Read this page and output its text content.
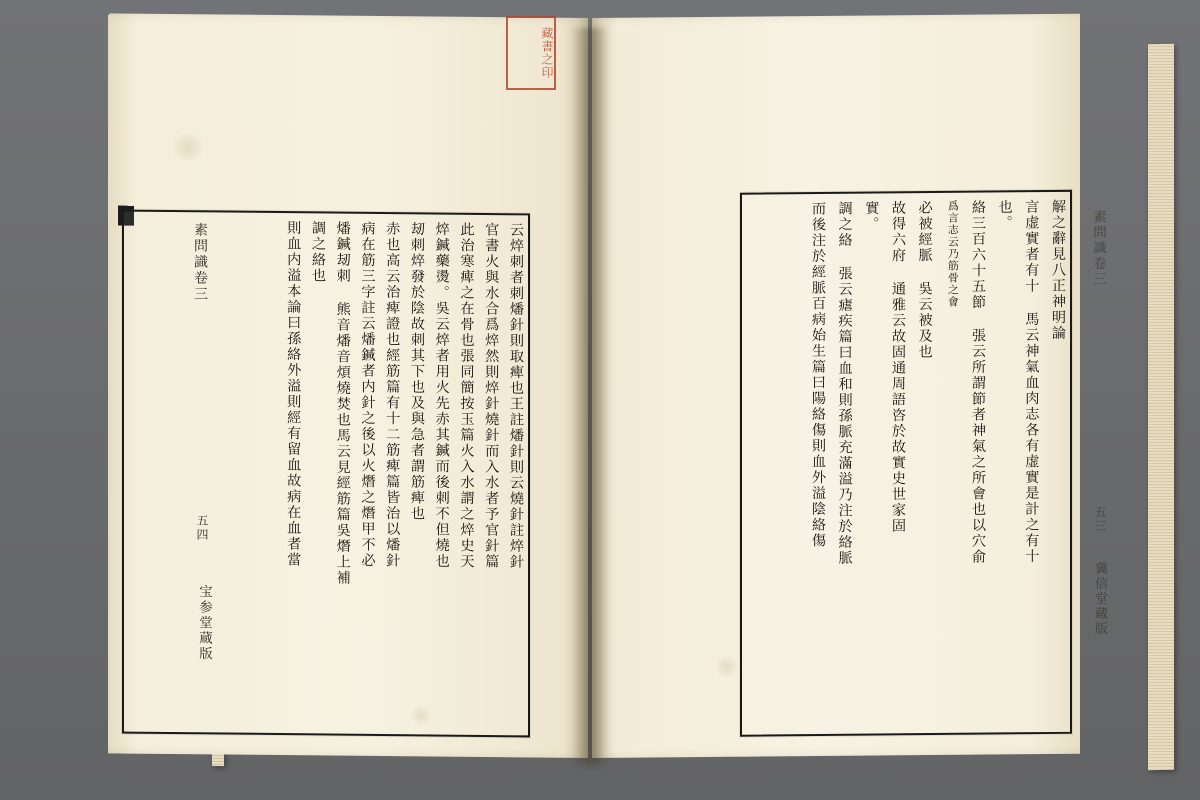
素問識卷三
五四
宝参堂蔵版
云焠刺者刺燔針則取痺也王註燔針則云燒針註焠針
官書火與水合爲焠然則焠針燒針而入水者予官針篇
此治寒痺之在骨也張同簡按玉篇火入水謂之焠史天
焠鍼藥燙。吳云焠者用火先赤其鍼而後刺不但燒也
刼刺焠發於陰故刺其下也及與急者謂筋痺也
赤也高云治痺證也經筋篇有十二筋痺篇皆治以燔針
病在筋三字註云燔鍼者内針之後以火熸之熸甲不必
燔鍼刼刺 熊音燔音煩燒焚也馬云見經筋篇吳熸上補
調之絡也
則血内溢本論曰孫絡外溢則經有留血故病在血者當	素問識卷三
五三
冀信堂蔵版
解之辭見八正神明論
言虚實者有十 馬云神氣血肉志各有虚實是計之有十
也。
絡三百六十五節 張云所謂節者神氣之所會也以穴俞
爲言志云乃筋骨之會
必被經脈 吳云被及也
故得六府 通雅云故固通周語咨於故實史世家固
實。
調之絡 張云瘧疾篇曰血和則孫脈充滿溢乃注於絡脈
而後注於經脈百病始生篇曰陽絡傷則血外溢陰絡傷
藏書之印
